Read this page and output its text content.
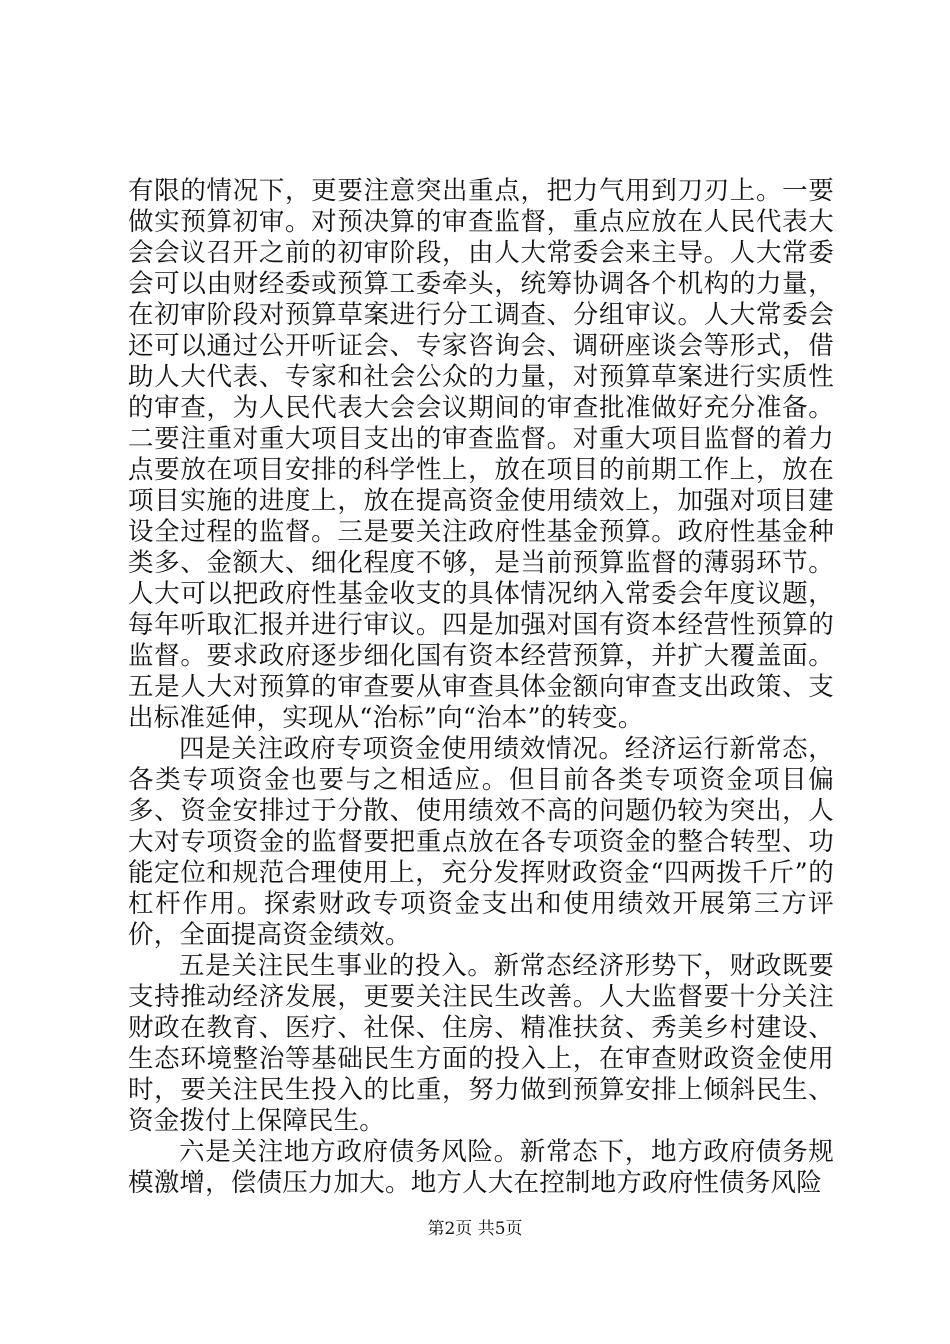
有限的情况下，更要注意突出重点，把力气用到刀刃上。一要做实预算初审。对预决算的审查监督，重点应放在人民代表大会会议召开之前的初审阶段，由人大常委会来主导。人大常委会可以由财经委或预算工委牵头，统筹协调各个机构的力量，在初审阶段对预算草案进行分工调查、分组审议。人大常委会还可以通过公开听证会、专家咨询会、调研座谈会等形式，借助人大代表、专家和社会公众的力量，对预算草案进行实质性的审查，为人民代表大会会议期间的审查批准做好充分准备。二要注重对重大项目支出的审查监督。对重大项目监督的着力点要放在项目安排的科学性上，放在项目的前期工作上，放在项目实施的进度上，放在提高资金使用绩效上，加强对项目建设全过程的监督。三是要关注政府性基金预算。政府性基金种类多、金额大、细化程度不够，是当前预算监督的薄弱环节。人大可以把政府性基金收支的具体情况纳入常委会年度议题，每年听取汇报并进行审议。四是加强对国有资本经营性预算的监督。要求政府逐步细化国有资本经营预算，并扩大覆盖面。五是人大对预算的审查要从审查具体金额向审查支出政策、支出标准延伸，实现从“治标”向“治本”的转变。

四是关注政府专项资金使用绩效情况。经济运行新常态，各类专项资金也要与之相适应。但目前各类专项资金项目偏多、资金安排过于分散、使用绩效不高的问题仍较为突出，人大对专项资金的监督要把重点放在各专项资金的整合转型、功能定位和规范合理使用上，充分发挥财政资金“四两拨千斤”的杠杆作用。探索财政专项资金支出和使用绩效开展第三方评价，全面提高资金绩效。

五是关注民生事业的投入。新常态经济形势下，财政既要支持推动经济发展，更要关注民生改善。人大监督要十分关注财政在教育、医疗、社保、住房、精准扶贫、秀美乡村建设、生态环境整治等基础民生方面的投入上，在审查财政资金使用时，要关注民生投入的比重，努力做到预算安排上倾斜民生、资金拨付上保障民生。

六是关注地方政府债务风险。新常态下，地方政府债务规模激增，偿债压力加大。地方人大在控制地方政府性债务风险

第2页 共5页
